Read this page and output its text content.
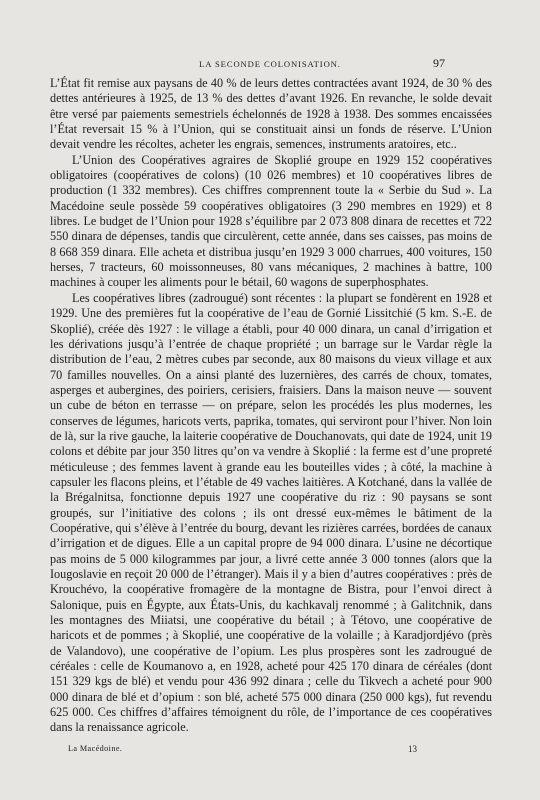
LA SECONDE COLONISATION.	97

L’État fit remise aux paysans de 40 % de leurs dettes contractées avant 1924, de 30 % des dettes antérieures à 1925, de 13 % des dettes d’avant 1926. En revanche, le solde devait être versé par paiements semestriels échelonnés de 1928 à 1938. Des sommes encaissées l’État reversait 15 % à l’Union, qui se constituait ainsi un fonds de réserve. L’Union devait vendre les récoltes, acheter les engrais, semences, instruments aratoires, etc..

L’Union des Coopératives agraires de Skoplié groupe en 1929 152 coopératives obligatoires (coopératives de colons) (10 026 membres) et 10 coopératives libres de production (1 332 membres). Ces chiffres comprennent toute la « Serbie du Sud ». La Macédoine seule possède 59 coopératives obligatoires (3 290 membres en 1929) et 8 libres. Le budget de l’Union pour 1928 s’équilibre par 2 073 808 dinara de recettes et 722 550 dinara de dépenses, tandis que circulèrent, cette année, dans ses caisses, pas moins de 8 668 359 dinara. Elle acheta et distribua jusqu’en 1929 3 000 charrues, 400 voitures, 150 herses, 7 tracteurs, 60 moissonneuses, 80 vans mécaniques, 2 machines à battre, 100 machines à couper les aliments pour le bétail, 60 wagons de superphosphates.

Les coopératives libres (zadrougué) sont récentes : la plupart se fondèrent en 1928 et 1929. Une des premières fut la coopérative de l’eau de Gornié Lissitchié (5 km. S.-E. de Skoplié), créée dès 1927 : le village a établi, pour 40 000 dinara, un canal d’irrigation et les dérivations jusqu’à l’entrée de chaque propriété ; un barrage sur le Vardar règle la distribution de l’eau, 2 mètres cubes par seconde, aux 80 maisons du vieux village et aux 70 familles nouvelles. On a ainsi planté des luzernières, des carrés de choux, tomates, asperges et aubergines, des poiriers, cerisiers, fraisiers. Dans la maison neuve — souvent un cube de béton en terrasse — on prépare, selon les procédés les plus modernes, les conserves de légumes, haricots verts, paprika, tomates, qui serviront pour l’hiver. Non loin de là, sur la rive gauche, la laiterie coopérative de Douchanovats, qui date de 1924, unit 19 colons et débite par jour 350 litres qu’on va vendre à Skoplié : la ferme est d’une propreté méticuleuse ; des femmes lavent à grande eau les bouteilles vides ; à côté, la machine à capsuler les flacons pleins, et l’étable de 49 vaches laitières. A Kotchané, dans la vallée de la Brégalnitsa, fonctionne depuis 1927 une coopérative du riz : 90 paysans se sont groupés, sur l’initiative des colons ; ils ont dressé eux-mêmes le bâtiment de la Coopérative, qui s’élève à l’entrée du bourg, devant les rizières carrées, bordées de canaux d’irrigation et de digues. Elle a un capital propre de 94 000 dinara. L’usine ne décortique pas moins de 5 000 kilogrammes par jour, a livré cette année 3 000 tonnes (alors que la Iougoslavie en reçoit 20 000 de l’étranger). Mais il y a bien d’autres coopératives : près de Krouchévo, la coopérative fromagère de la montagne de Bistra, pour l’envoi direct à Salonique, puis en Égypte, aux États-Unis, du kachkavalj renommé ; à Galitchnik, dans les montagnes des Miiatsi, une coopérative du bétail ; à Tétovo, une coopérative de haricots et de pommes ; à Skoplié, une coopérative de la volaille ; à Karadjordjévo (près de Valandovo), une coopérative de l’opium. Les plus prospères sont les zadrougué de céréales : celle de Koumanovo a, en 1928, acheté pour 425 170 dinara de céréales (dont 151 329 kgs de blé) et vendu pour 436 992 dinara ; celle du Tikvech a acheté pour 900 000 dinara de blé et d’opium : son blé, acheté 575 000 dinara (250 000 kgs), fut revendu 625 000. Ces chiffres d’affaires témoignent du rôle, de l’importance de ces coopératives dans la renaissance agricole.

La Macédoine.	13
